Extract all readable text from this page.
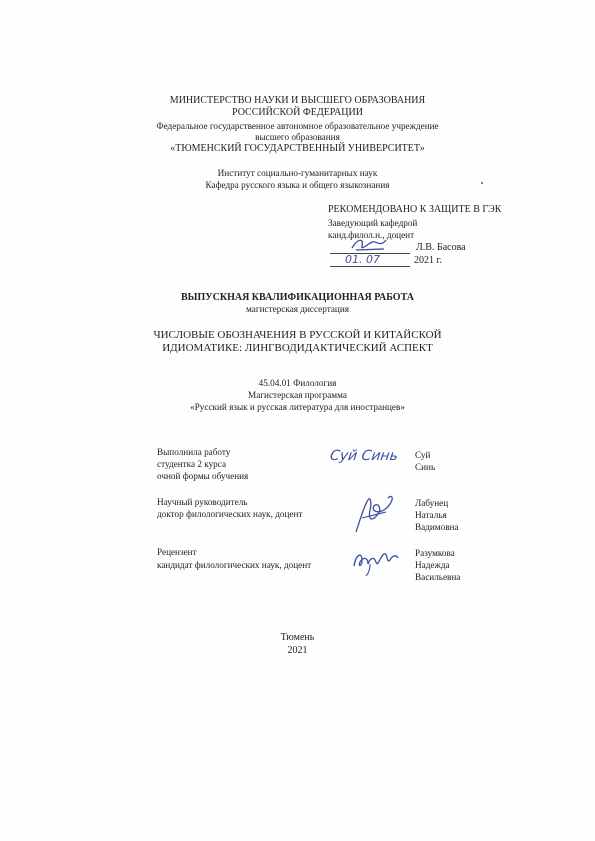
МИНИСТЕРСТВО НАУКИ И ВЫСШЕГО ОБРАЗОВАНИЯ
РОССИЙСКОЙ ФЕДЕРАЦИИ
Федеральное государственное автономное образовательное учреждение
высшего образования
«ТЮМЕНСКИЙ ГОСУДАРСТВЕННЫЙ УНИВЕРСИТЕТ»
Институт социально-гуманитарных наук
Кафедра русского языка и общего языкознания
РЕКОМЕНДОВАНО К ЗАЩИТЕ В ГЭК
Заведующий кафедрой
канд.филол.н., доцент
Л.В. Басова
01. 07	2021 г.
ВЫПУСКНАЯ КВАЛИФИКАЦИОННАЯ РАБОТА
магистерская диссертация
ЧИСЛОВЫЕ ОБОЗНАЧЕНИЯ В РУССКОЙ И КИТАЙСКОЙ
ИДИОМАТИКЕ: ЛИНГВОДИДАКТИЧЕСКИЙ АСПЕКТ
45.04.01 Филология
Магистерская программа
«Русский язык и русская литература для иностранцев»
Выполнила работу
студентка 2 курса
очной формы обучения
Суй Синь Суй
Синь
Научный руководитель
доктор филологических наук, доцент
Лабунец
Наталья
Вадимовна
Рецензент
кандидат филологических наук, доцент
Разумкова
Надежда
Васильевна
Тюмень
2021
